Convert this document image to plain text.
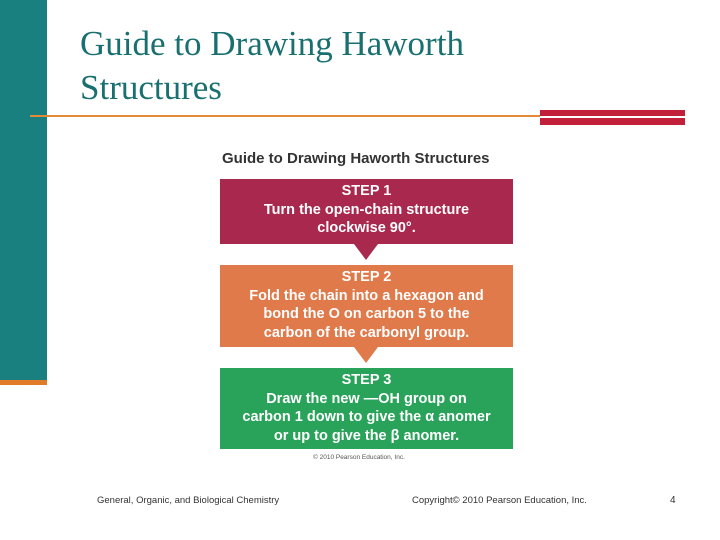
Guide to Drawing Haworth
Structures
Guide to Drawing Haworth Structures
STEP 1
Turn the open-chain structure
clockwise 90°.
STEP 2
Fold the chain into a hexagon and
bond the O on carbon 5 to the
carbon of the carbonyl group.
STEP 3
Draw the new —OH group on
carbon 1 down to give the α anomer
or up to give the β anomer.
© 2010 Pearson Education, Inc.
General, Organic, and Biological Chemistry	Copyright© 2010 Pearson Education, Inc.	4
